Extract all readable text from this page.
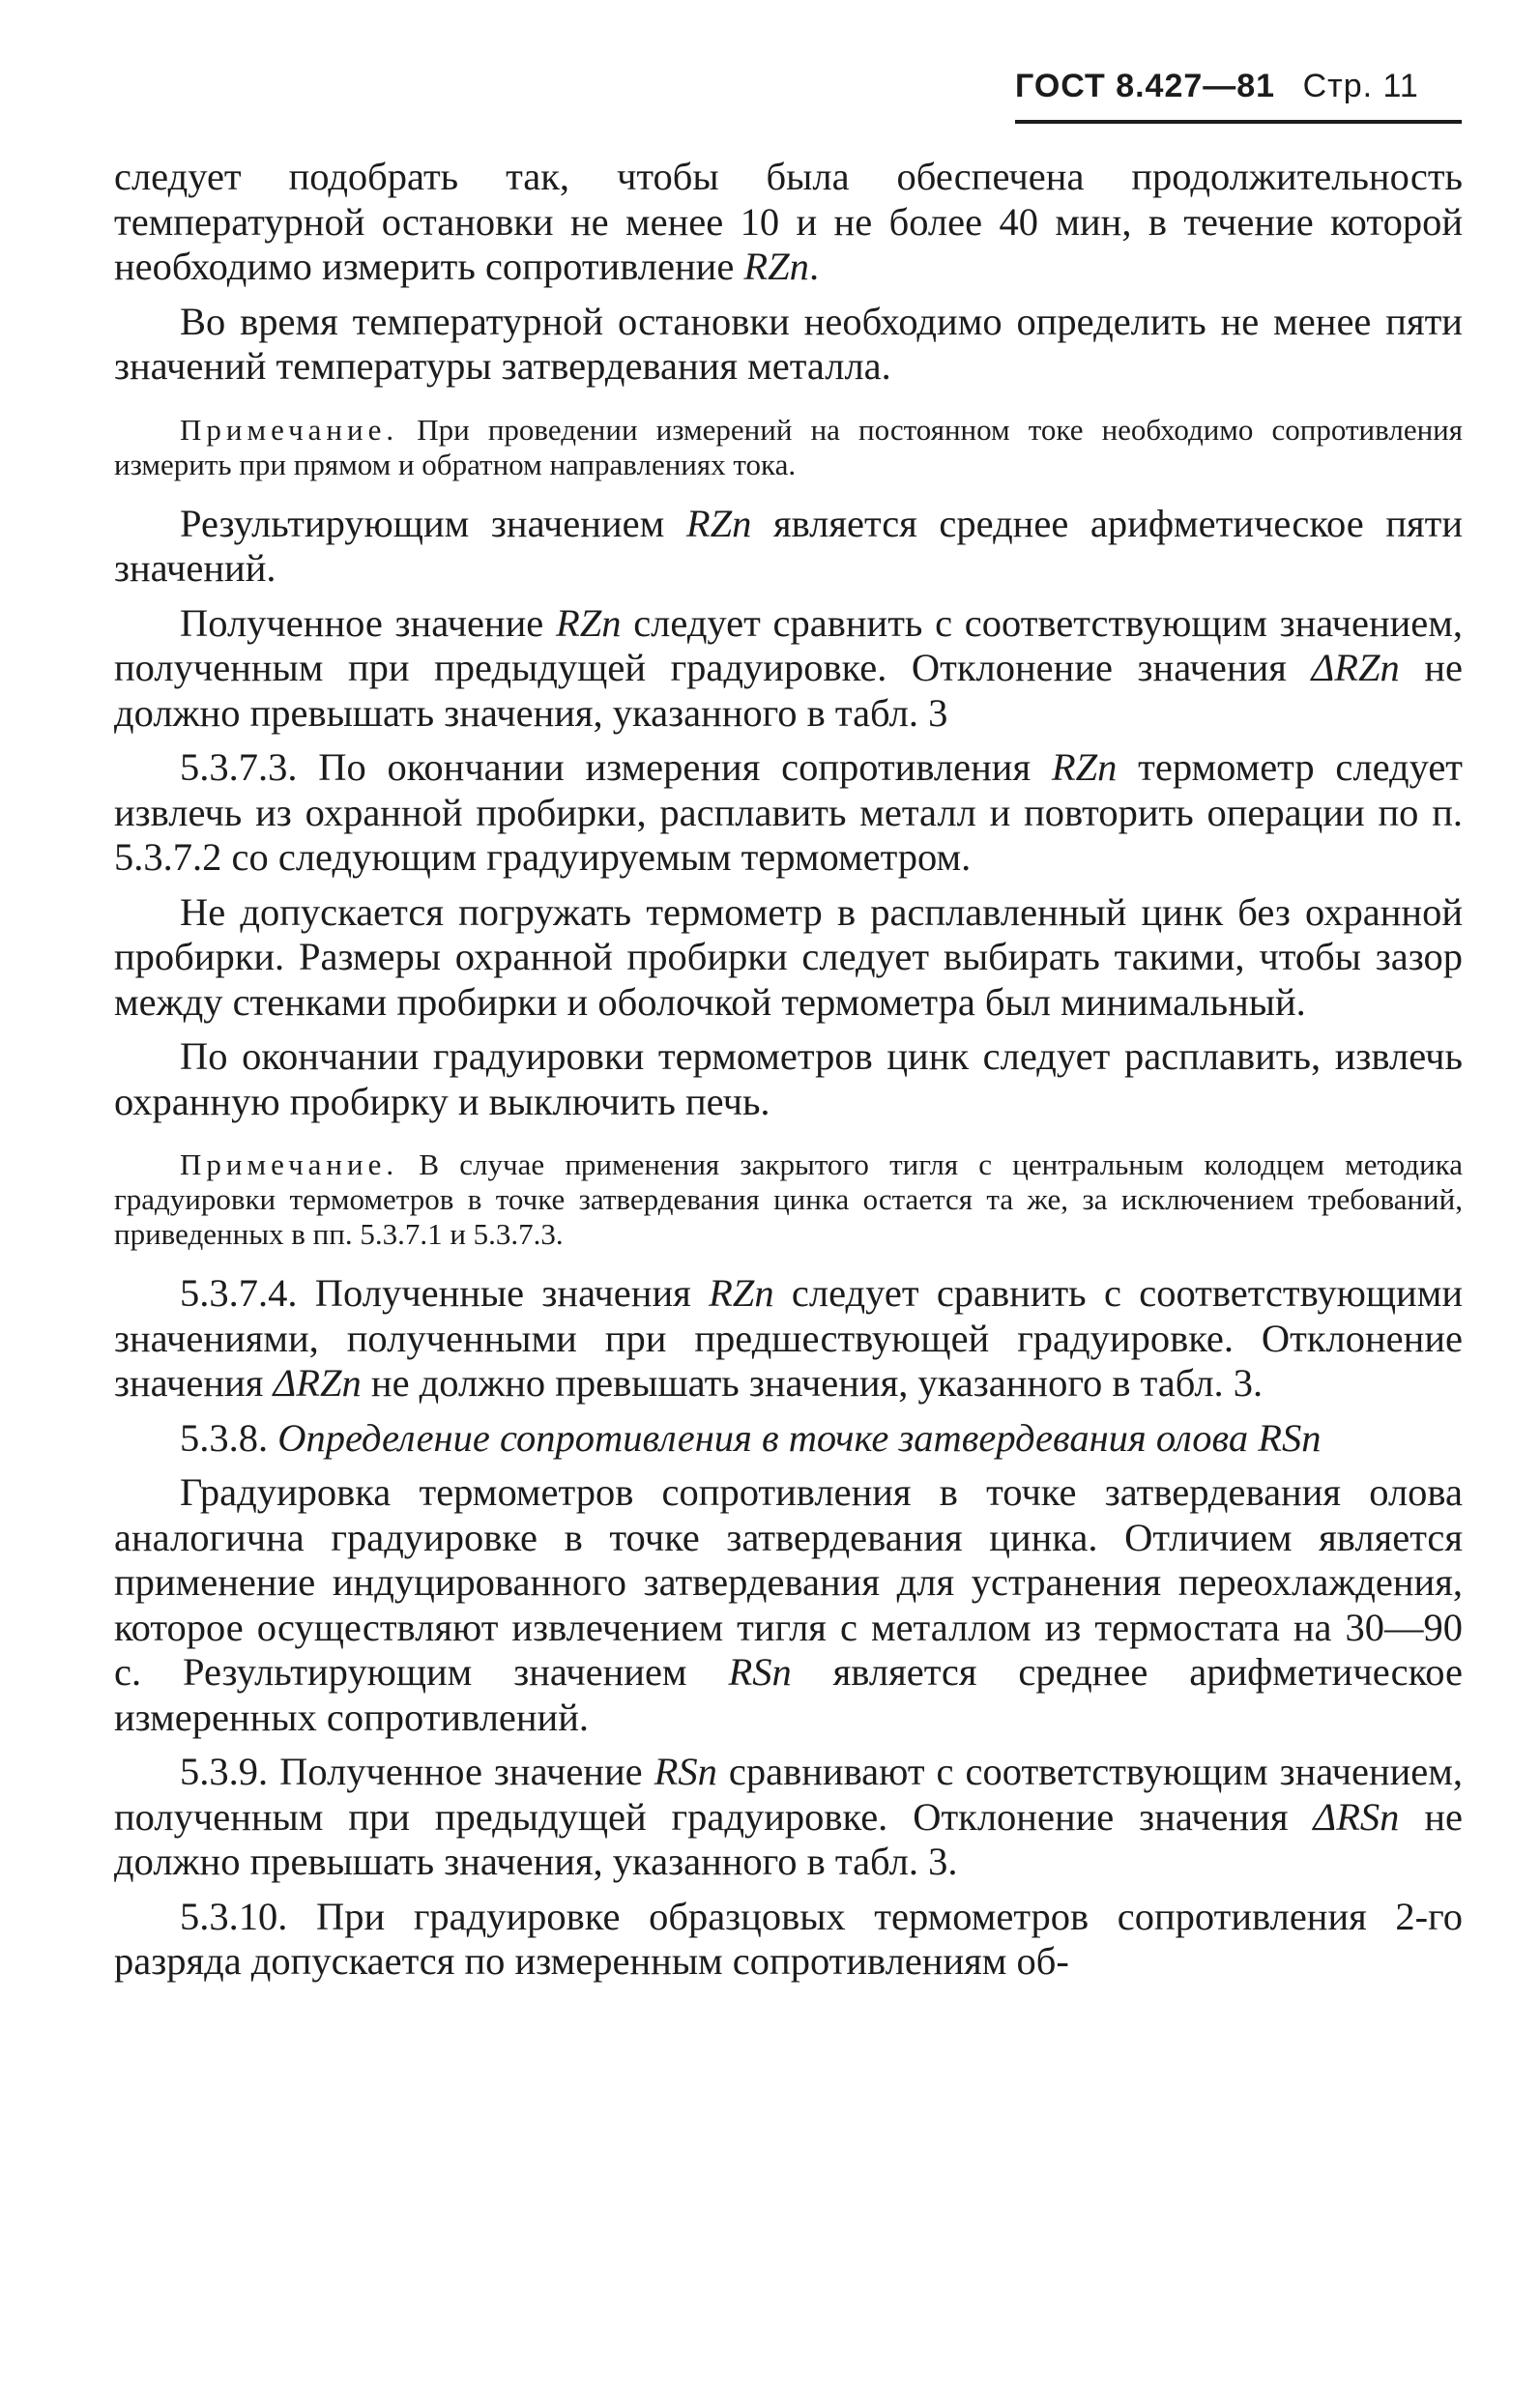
ГОСТ 8.427—81 Стр. 11

следует подобрать так, чтобы была обеспечена продолжительность температурной остановки не менее 10 и не более 40 мин, в течение которой необходимо измерить сопротивление RZn.

Во время температурной остановки необходимо определить не менее пяти значений температуры затвердевания металла.

Примечание. При проведении измерений на постоянном токе необходимо сопротивления измерить при прямом и обратном направлениях тока.

Результирующим значением RZn является среднее арифметическое пяти значений.

Полученное значение RZn следует сравнить с соответствующим значением, полученным при предыдущей градуировке. Отклонение значения ΔRZn не должно превышать значения, указанного в табл. 3

5.3.7.3. По окончании измерения сопротивления RZn термометр следует извлечь из охранной пробирки, расплавить металл и повторить операции по п. 5.3.7.2 со следующим градуируемым термометром.

Не допускается погружать термометр в расплавленный цинк без охранной пробирки. Размеры охранной пробирки следует выбирать такими, чтобы зазор между стенками пробирки и оболочкой термометра был минимальный.

По окончании градуировки термометров цинк следует расплавить, извлечь охранную пробирку и выключить печь.

Примечание. В случае применения закрытого тигля с центральным колодцем методика градуировки термометров в точке затвердевания цинка остается та же, за исключением требований, приведенных в пп. 5.3.7.1 и 5.3.7.3.

5.3.7.4. Полученные значения RZn следует сравнить с соответствующими значениями, полученными при предшествующей градуировке. Отклонение значения ΔRZn не должно превышать значения, указанного в табл. 3.

5.3.8. Определение сопротивления в точке затвердевания олова RSn

Градуировка термометров сопротивления в точке затвердевания олова аналогична градуировке в точке затвердевания цинка. Отличием является применение индуцированного затвердевания для устранения переохлаждения, которое осуществляют извлечением тигля с металлом из термостата на 30—90 с. Результирующим значением RSn является среднее арифметическое измеренных сопротивлений.

5.3.9. Полученное значение RSn сравнивают с соответствующим значением, полученным при предыдущей градуировке. Отклонение значения ΔRSn не должно превышать значения, указанного в табл. 3.

5.3.10. При градуировке образцовых термометров сопротивления 2-го разряда допускается по измеренным сопротивлениям об-
